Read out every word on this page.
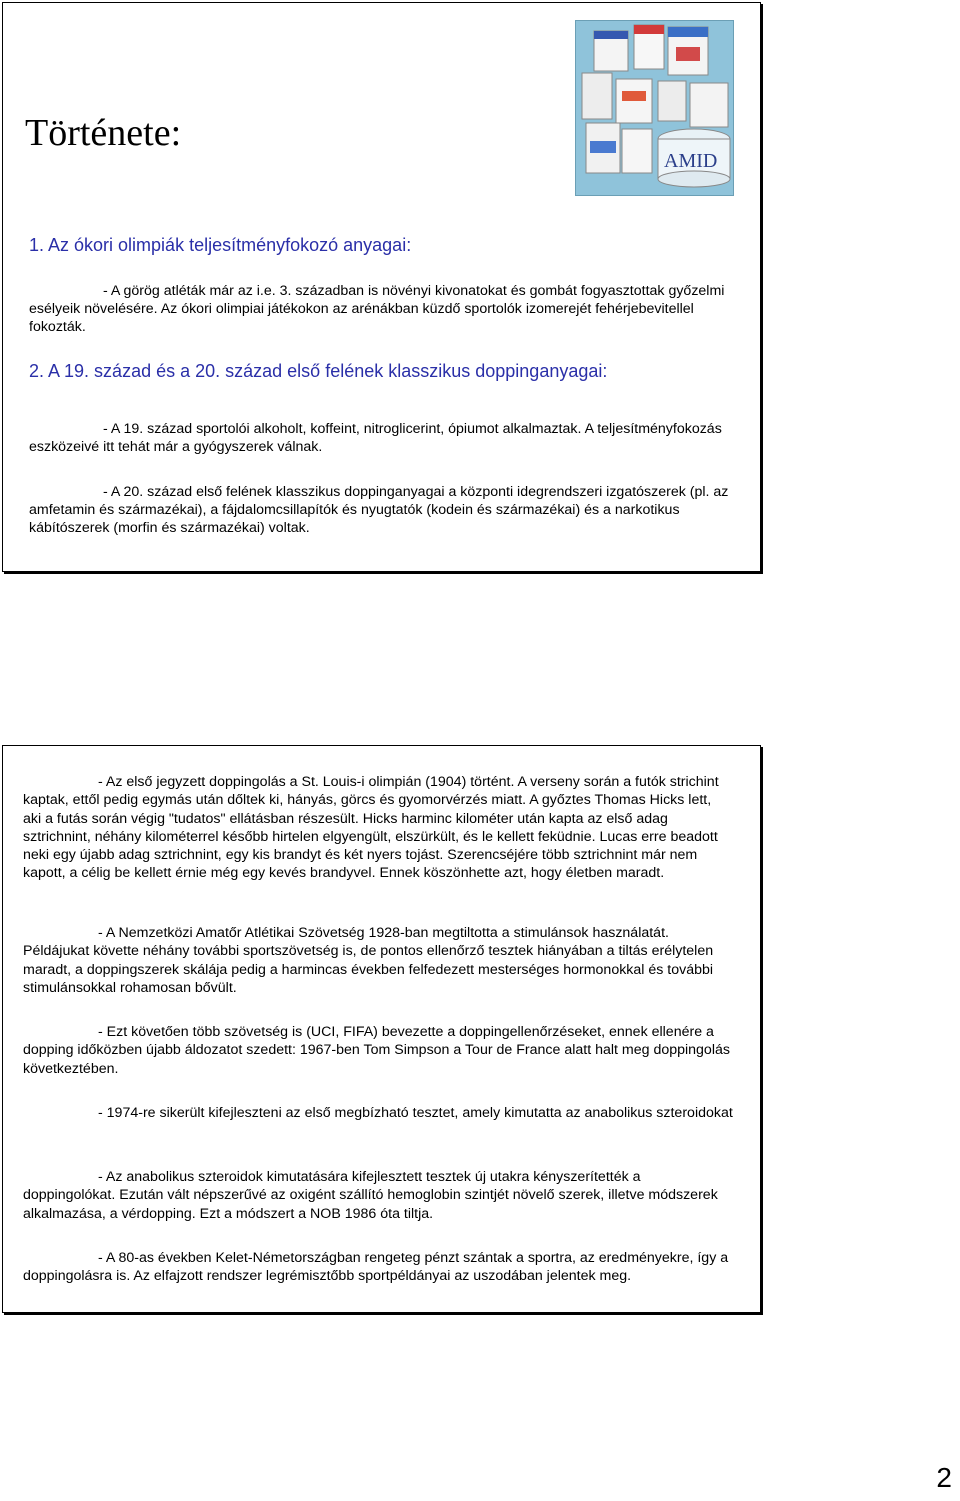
Története:
AMID
1. Az ókori olimpiák teljesítményfokozó anyagai:
- A görög atléták már az i.e. 3. században is növényi kivonatokat és gombát fogyasztottak győzelmi esélyeik növelésére. Az ókori olimpiai játékokon az arénákban küzdő sportolók izomerejét fehérjebevitellel fokozták.
2. A 19. század és a 20. század első felének klasszikus doppinganyagai:
- A 19. század sportolói alkoholt, koffeint, nitroglicerint, ópiumot alkalmaztak. A teljesítményfokozás eszközeivé itt tehát már a gyógyszerek válnak.
- A 20. század első felének klasszikus doppinganyagai a központi idegrendszeri izgatószerek (pl. az amfetamin és származékai), a fájdalomcsillapítók és nyugtatók (kodein és származékai) és a narkotikus kábítószerek (morfin és származékai) voltak.
- Az első jegyzett doppingolás a St. Louis-i olimpián (1904) történt. A verseny során a futók strichint kaptak, ettől pedig egymás után dőltek ki, hányás, görcs és gyomorvérzés miatt. A győztes Thomas Hicks lett, aki a futás során végig "tudatos" ellátásban részesült. Hicks harminc kilométer után kapta az első adag sztrichnint, néhány kilométerrel később hirtelen elgyengült, elszürkült, és le kellett feküdnie. Lucas erre beadott neki egy újabb adag sztrichnint, egy kis brandyt és két nyers tojást. Szerencséjére több sztrichnint már nem kapott, a célig be kellett érnie még egy kevés brandyvel. Ennek köszönhette azt, hogy életben maradt.
- A Nemzetközi Amatőr Atlétikai Szövetség 1928-ban megtiltotta a stimulánsok használatát. Példájukat követte néhány további sportszövetség is, de pontos ellenőrző tesztek hiányában a tiltás erélytelen maradt, a doppingszerek skálája pedig a harmincas években felfedezett mesterséges hormonokkal és további stimulánsokkal rohamosan bővült.
- Ezt követően több szövetség is (UCI, FIFA) bevezette a doppingellenőrzéseket, ennek ellenére a dopping időközben újabb áldozatot szedett: 1967-ben Tom Simpson a Tour de France alatt halt meg doppingolás következtében.
- 1974-re sikerült kifejleszteni az első megbízható tesztet, amely kimutatta az anabolikus szteroidokat
- Az anabolikus szteroidok kimutatására kifejlesztett tesztek új utakra kényszerítették a doppingolókat. Ezután vált népszerűvé az oxigént szállító hemoglobin szintjét növelő szerek, illetve módszerek alkalmazása, a vérdopping. Ezt a módszert a NOB 1986 óta tiltja.
- A 80-as években Kelet-Németországban rengeteg pénzt szántak a sportra, az eredményekre, így a doppingolásra is. Az elfajzott rendszer legrémisztőbb sportpéldányai az uszodában jelentek meg.
2
